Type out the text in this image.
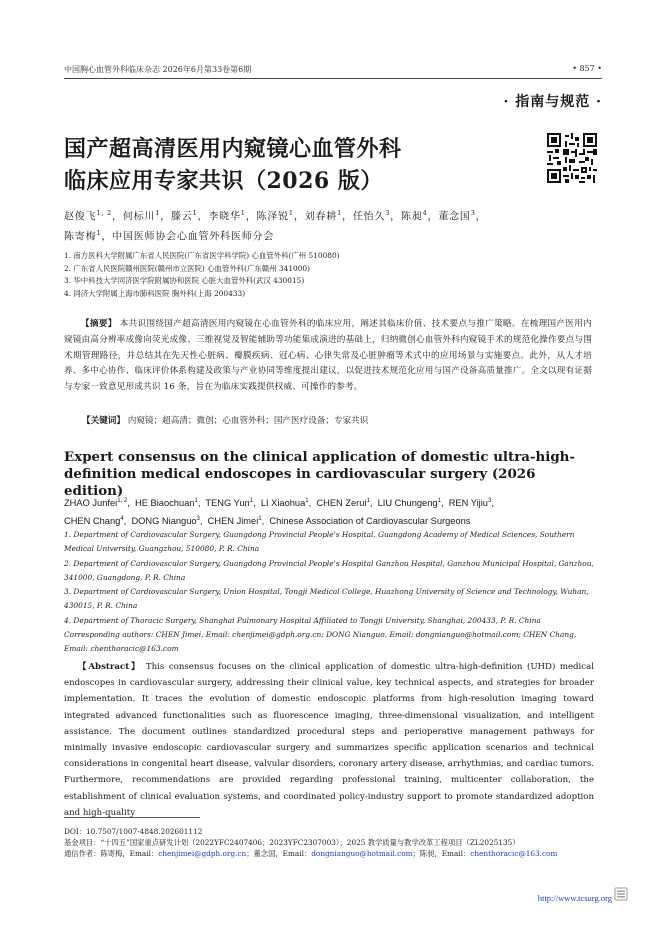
中国胸心血管外科临床杂志 2026年6月第33卷第6期	• 857 •
· 指南与规范 ·
国产超高清医用内窥镜心血管外科
临床应用专家共识（2026 版）
赵俊飞$^{1, 2}$，何标川$^1$，滕云$^1$，李晓华$^1$，陈泽锐$^1$，刘春耕$^1$，任怡久$^3$，陈昶$^4$，董念国$^3$，
陈寄梅$^1$，中国医师协会心血管外科医师分会
1. 南方医科大学附属广东省人民医院(广东省医学科学院) 心血管外科(广州 510080)
2. 广东省人民医院赣州医院(赣州市立医院) 心血管外科(广东赣州 341000)
3. 华中科技大学同济医学院附属协和医院 心脏大血管外科(武汉 430015)
4. 同济大学附属上海市肺科医院 胸外科(上海 200433)
【摘要】 本共识围绕国产超高清医用内窥镜在心血管外科的临床应用，阐述其临床价值、技术要点与推广策略。在梳理国产医用内窥镜由高分辨率成像向荧光成像、三维视觉及智能辅助等功能集成演进的基础上，归纳微创心血管外科内窥镜手术的规范化操作要点与围术期管理路径，并总结其在先天性心脏病、瓣膜疾病、冠心病、心律失常及心脏肿瘤等术式中的应用场景与实施要点。此外，从人才培养、多中心协作、临床评价体系构建及政策与产业协同等维度提出建议，以促进技术规范化应用与国产设备高质量推广。全文以现有证据与专家一致意见形成共识 16 条，旨在为临床实践提供权威、可操作的参考。
【关键词】 内窥镜；超高清；微创；心血管外科；国产医疗设备；专家共识
Expert consensus on the clinical application of domestic ultra-high-definition medical endoscopes in cardiovascular surgery (2026 edition)
ZHAO Junfei$^{1, 2}$,  HE Biaochuan$^1$,  TENG Yun$^1$,  LI Xiaohua$^1$,  CHEN Zerui$^1$,  LIU Chungeng$^1$,  REN Yijiu$^3$,
CHEN Chang$^4$,  DONG Nianguo$^3$,  CHEN Jimei$^1$,  Chinese Association of Cardiovascular Surgeons
1. Department of Cardiovascular Surgery, Guangdong Provincial People's Hospital, Guangdong Academy of Medical Sciences, Southern Medical University, Guangzhou, 510080, P. R. China
2. Department of Cardiovascular Surgery, Guangdong Provincial People's Hospital Ganzhou Hospital, Ganzhou Municipal Hospital, Ganzhou, 341000, Guangdong, P. R. China
3. Department of Cardiovascular Surgery, Union Hospital, Tongji Medical College, Huazhong University of Science and Technology, Wuhan, 430015, P. R. China
4. Department of Thoracic Surgery, Shanghai Pulmonary Hospital Affiliated to Tongji University, Shanghai, 200433, P. R. China
Corresponding authors: CHEN Jimei, Email: chenjimei@gdph.org.cn; DONG Nianguo, Email: dongnianguo@hotmail.com; CHEN Chang, Email: chenthoracic@163.com
【Abstract】 This consensus focuses on the clinical application of domestic ultra-high-definition (UHD) medical endoscopes in cardiovascular surgery, addressing their clinical value, key technical aspects, and strategies for broader implementation. It traces the evolution of domestic endoscopic platforms from high-resolution imaging toward integrated advanced functionalities such as fluorescence imaging, three-dimensional visualization, and intelligent assistance. The document outlines standardized procedural steps and perioperative management pathways for minimally invasive endoscopic cardiovascular surgery and summarizes specific application scenarios and technical considerations in congenital heart disease, valvular disorders, coronary artery disease, arrhythmias, and cardiac tumors. Furthermore, recommendations are provided regarding professional training, multicenter collaboration, the establishment of clinical evaluation systems, and coordinated policy-industry support to promote standardized adoption and high-quality
DOI：10.7507/1007-4848.202601112
基金项目：“十四五”国家重点研发计划（2022YFC2407406；2023YFC2307003）；2025 教学质量与教学改革工程项目（ZL2025135）
通信作者：陈寄梅，Email：chenjimei@gdph.org.cn；董念国，Email：dongnianguo@hotmail.com；陈昶，Email：chenthoracic@163.com
http://www.tcsurg.org
